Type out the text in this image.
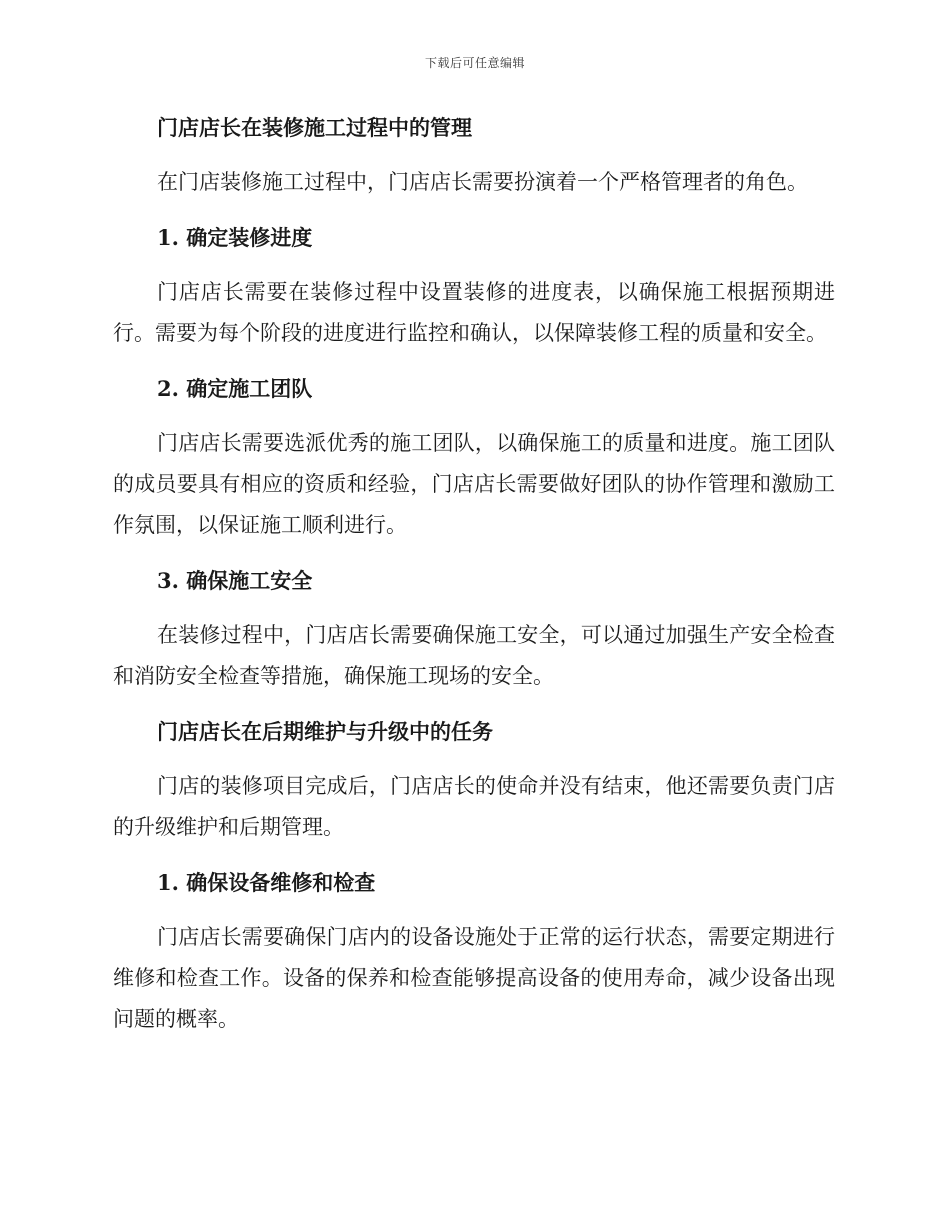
下载后可任意编辑
门店店长在装修施工过程中的管理

在门店装修施工过程中，门店店长需要扮演着一个严格管理者的角色。

1. 确定装修进度

门店店长需要在装修过程中设置装修的进度表，以确保施工根据预期进行。需要为每个阶段的进度进行监控和确认，以保障装修工程的质量和安全。

2. 确定施工团队

门店店长需要选派优秀的施工团队，以确保施工的质量和进度。施工团队的成员要具有相应的资质和经验，门店店长需要做好团队的协作管理和激励工作氛围，以保证施工顺利进行。

3. 确保施工安全

在装修过程中，门店店长需要确保施工安全，可以通过加强生产安全检查和消防安全检查等措施，确保施工现场的安全。

门店店长在后期维护与升级中的任务

门店的装修项目完成后，门店店长的使命并没有结束，他还需要负责门店的升级维护和后期管理。

1. 确保设备维修和检查

门店店长需要确保门店内的设备设施处于正常的运行状态，需要定期进行维修和检查工作。设备的保养和检查能够提高设备的使用寿命，减少设备出现问题的概率。
